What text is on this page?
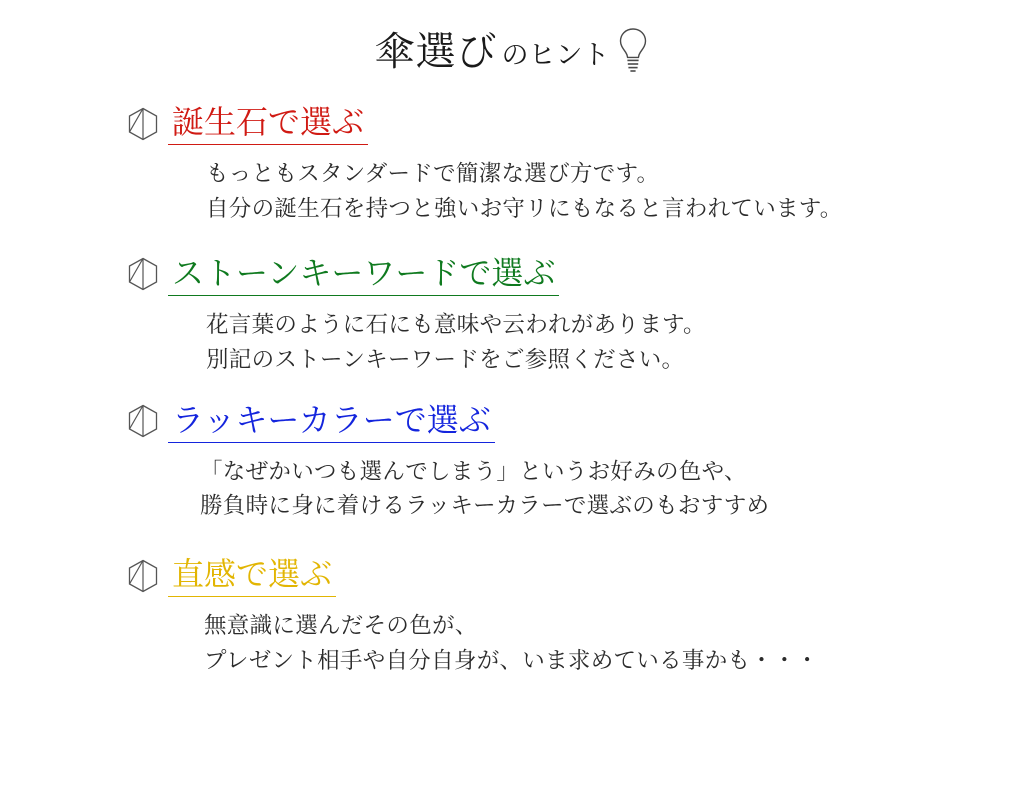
傘選び のヒント
誕生石で選ぶ
もっともスタンダードで簡潔な選び方です。
自分の誕生石を持つと強いお守リにもなると言われています。
ストーンキーワードで選ぶ
花言葉のように石にも意味や云われがあります。
別記のストーンキーワードをご参照ください。
ラッキーカラーで選ぶ
「なぜかいつも選んでしまう」というお好みの色や、
勝負時に身に着けるラッキーカラーで選ぶのもおすすめ
直感で選ぶ
無意識に選んだその色が、
プレゼント相手や自分自身が、いま求めている事かも・・・
